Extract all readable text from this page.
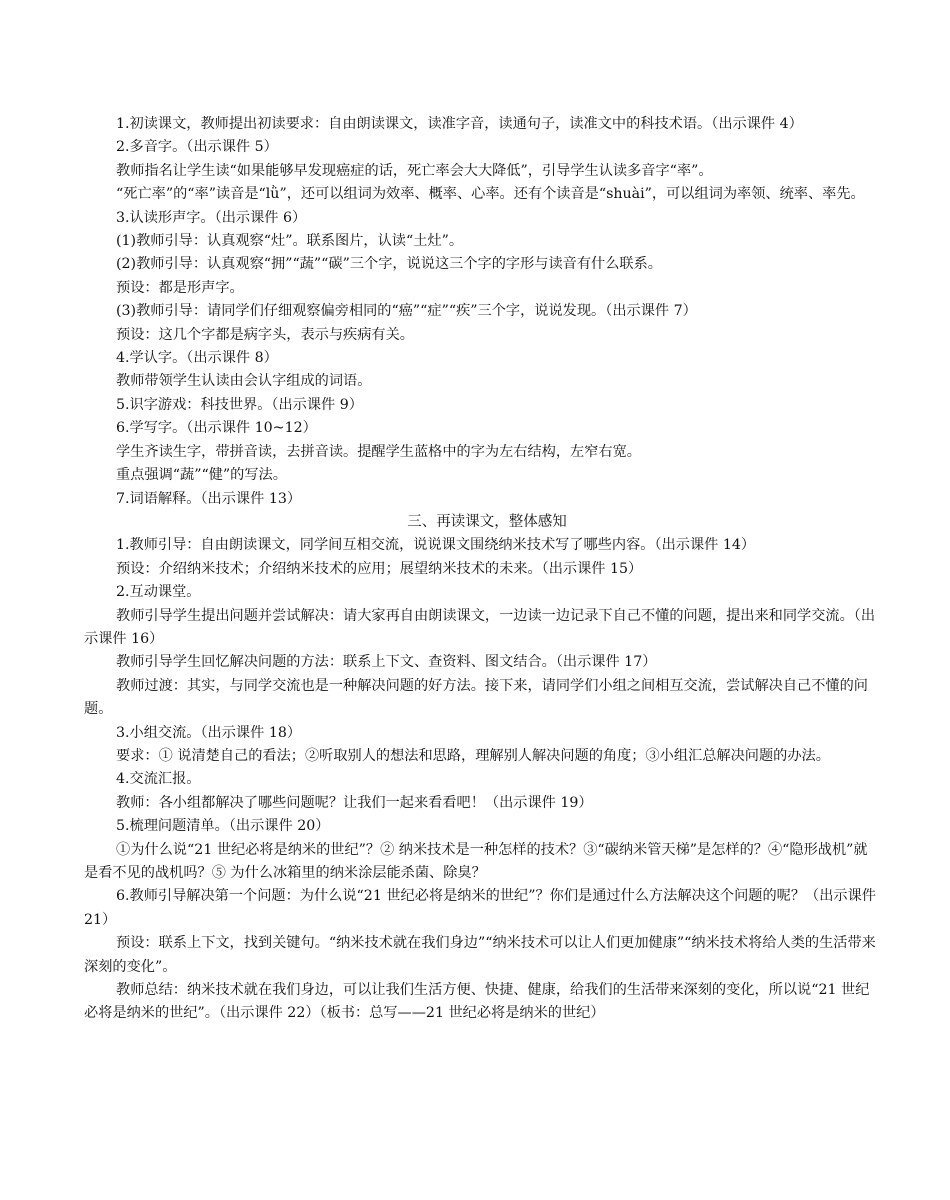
1.初读课文，教师提出初读要求：自由朗读课文，读准字音，读通句子，读准文中的科技术语。（出示课件 4）

2.多音字。（出示课件 5）

教师指名让学生读“如果能够早发现癌症的话，死亡率会大大降低”，引导学生认读多音字“率”。

“死亡率”的“率”读音是“lǜ”，还可以组词为效率、概率、心率。还有个读音是“shuài”，可以组词为率领、统率、率先。

3.认读形声字。（出示课件 6）

(1)教师引导：认真观察“灶”。联系图片，认读“土灶”。

(2)教师引导：认真观察“拥”“蔬”“碳”三个字，说说这三个字的字形与读音有什么联系。

预设：都是形声字。

(3)教师引导：请同学们仔细观察偏旁相同的“癌”“症”“疾”三个字，说说发现。（出示课件 7）

预设：这几个字都是病字头，表示与疾病有关。

4.学认字。（出示课件 8）

教师带领学生认读由会认字组成的词语。

5.识字游戏：科技世界。（出示课件 9）

6.学写字。（出示课件 10~12）

学生齐读生字，带拼音读，去拼音读。提醒学生蓝格中的字为左右结构，左窄右宽。

重点强调“蔬”“健”的写法。

7.词语解释。（出示课件 13）

三、再读课文，整体感知

1.教师引导：自由朗读课文，同学间互相交流，说说课文围绕纳米技术写了哪些内容。（出示课件 14）

预设：介绍纳米技术；介绍纳米技术的应用；展望纳米技术的未来。（出示课件 15）

2.互动课堂。

教师引导学生提出问题并尝试解决：请大家再自由朗读课文，一边读一边记录下自己不懂的问题，提出来和同学交流。（出示课件 16）

教师引导学生回忆解决问题的方法：联系上下文、查资料、图文结合。（出示课件 17）

教师过渡：其实，与同学交流也是一种解决问题的好方法。接下来，请同学们小组之间相互交流，尝试解决自己不懂的问题。

3.小组交流。（出示课件 18）

要求：① 说清楚自己的看法；②听取别人的想法和思路，理解别人解决问题的角度；③小组汇总解决问题的办法。

4.交流汇报。

教师：各小组都解决了哪些问题呢？让我们一起来看看吧！（出示课件 19）

5.梳理问题清单。（出示课件 20）

①为什么说“21 世纪必将是纳米的世纪”？② 纳米技术是一种怎样的技术？③“碳纳米管天梯”是怎样的？④“隐形战机”就是看不见的战机吗？⑤ 为什么冰箱里的纳米涂层能杀菌、除臭？

6.教师引导解决第一个问题：为什么说“21 世纪必将是纳米的世纪”？你们是通过什么方法解决这个问题的呢？（出示课件 21）

预设：联系上下文，找到关键句。“纳米技术就在我们身边”“纳米技术可以让人们更加健康”“纳米技术将给人类的生活带来深刻的变化”。

教师总结：纳米技术就在我们身边，可以让我们生活方便、快捷、健康，给我们的生活带来深刻的变化，所以说“21 世纪必将是纳米的世纪”。（出示课件 22）（板书：总写——21 世纪必将是纳米的世纪）
